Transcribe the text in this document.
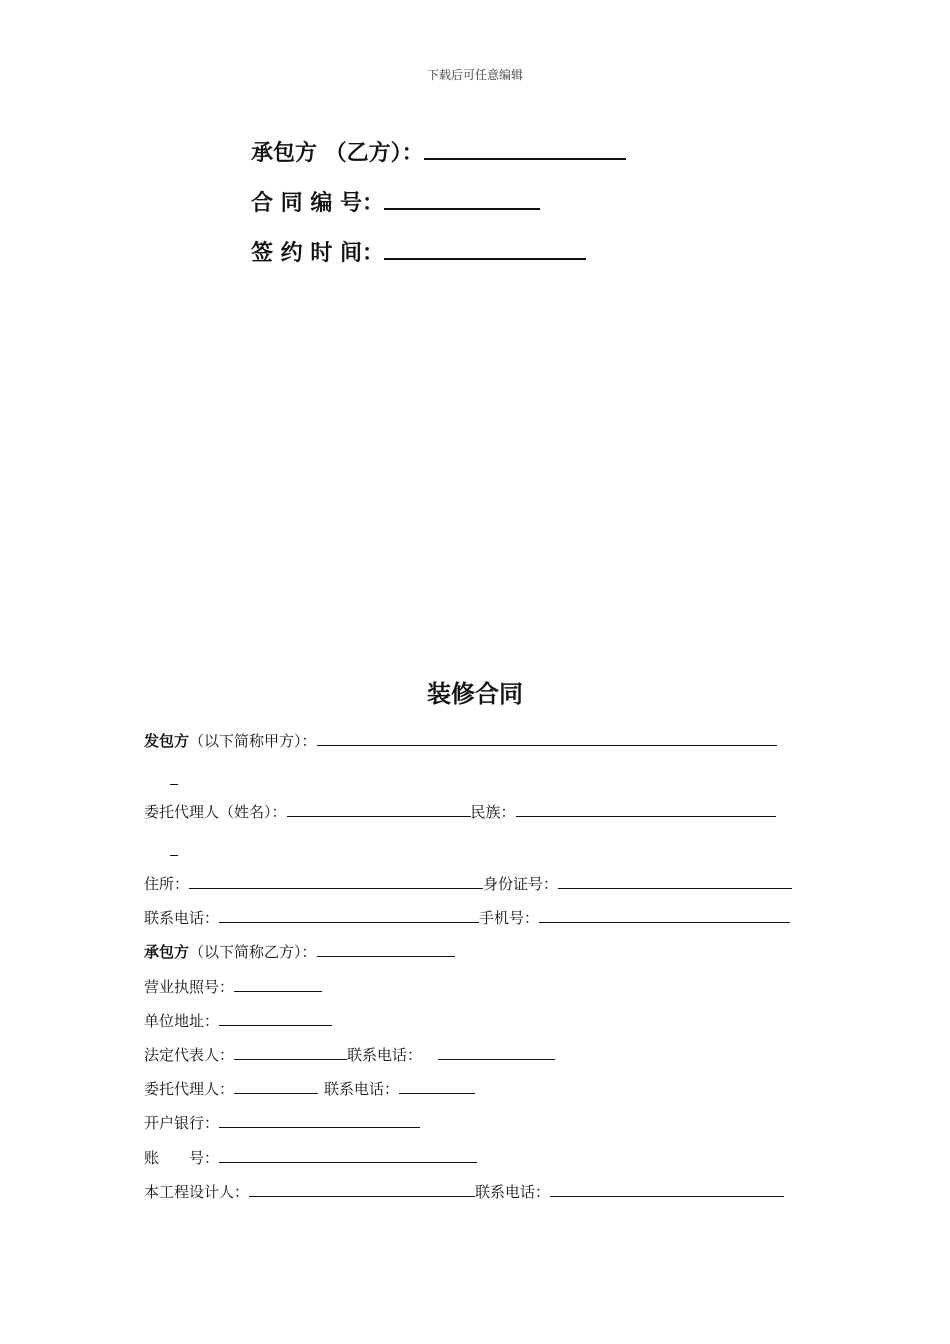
下载后可任意编辑
承包方 （乙方）：
合 同 编 号：
签 约 时 间：
装修合同
发包方（以下简称甲方）：
委托代理人（姓名）：	民族：
住所：	身份证号：
联系电话：	手机号：
承包方（以下简称乙方）：
营业执照号：
单位地址：
法定代表人：	联系电话：
委托代理人：	联系电话：
开户银行：
账　　号：
本工程设计人：	联系电话：
